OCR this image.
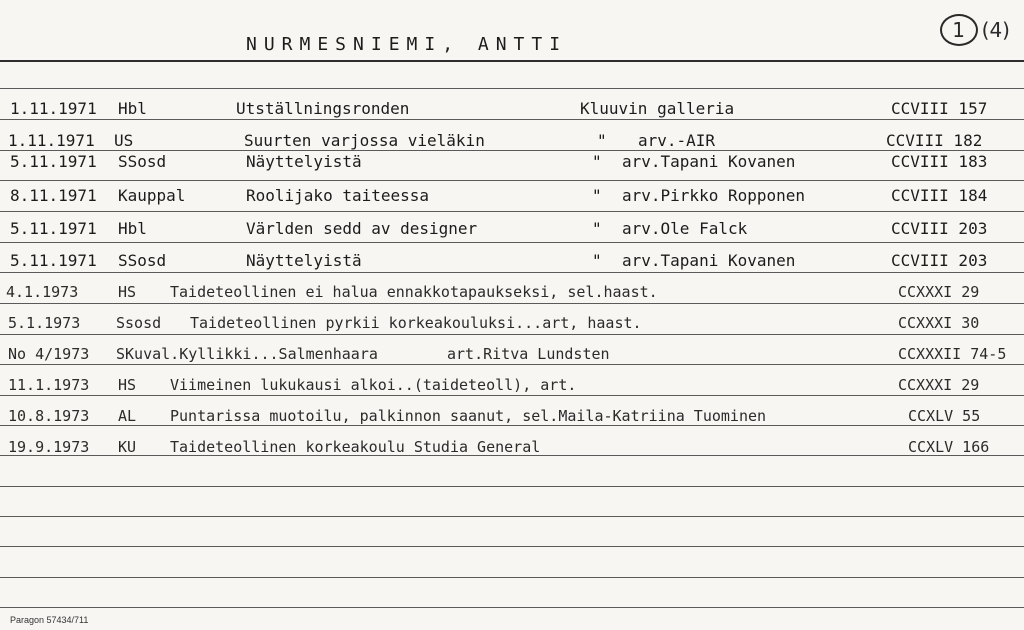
NURMESNIEMI, ANTTI
1 (4)
1.11.1971 Hbl	Utställningsronden	Kluuvin galleria	CCVIII 157
1.11.1971 US	Suurten varjossa vieläkin	" arv.-AIR	CCVIII 182
5.11.1971 SSosd	Näyttelyistä	" arv.Tapani Kovanen	CCVIII 183
8.11.1971 Kauppal	Roolijako taiteessa	" arv.Pirkko Ropponen	CCVIII 184
5.11.1971 Hbl	Världen sedd av designer	" arv.Ole Falck	CCVIII 203
5.11.1971 SSosd	Näyttelyistä	" arv.Tapani Kovanen	CCVIII 203
4.1.1973	HS Taideteollinen ei halua ennakkotapaukseksi, sel.haast.	CCXXXI 29
5.1.1973 Ssosd Taideteollinen pyrkii korkeakouluksi...art, haast.	CCXXXI 30
No 4/1973 SKuval.Kyllikki...Salmenhaara	art.Ritva Lundsten	CCXXXII 74-5
11.1.1973 HS Viimeinen lukukausi alkoi..(taideteoll), art.	CCXXXI 29
10.8.1973 AL Puntarissa muotoilu, palkinnon saanut, sel.Maila-Katriina Tuominen	CCXLV 55
19.9.1973 KU Taideteollinen korkeakoulu Studia General	CCXLV 166
Paragon 57434/711
